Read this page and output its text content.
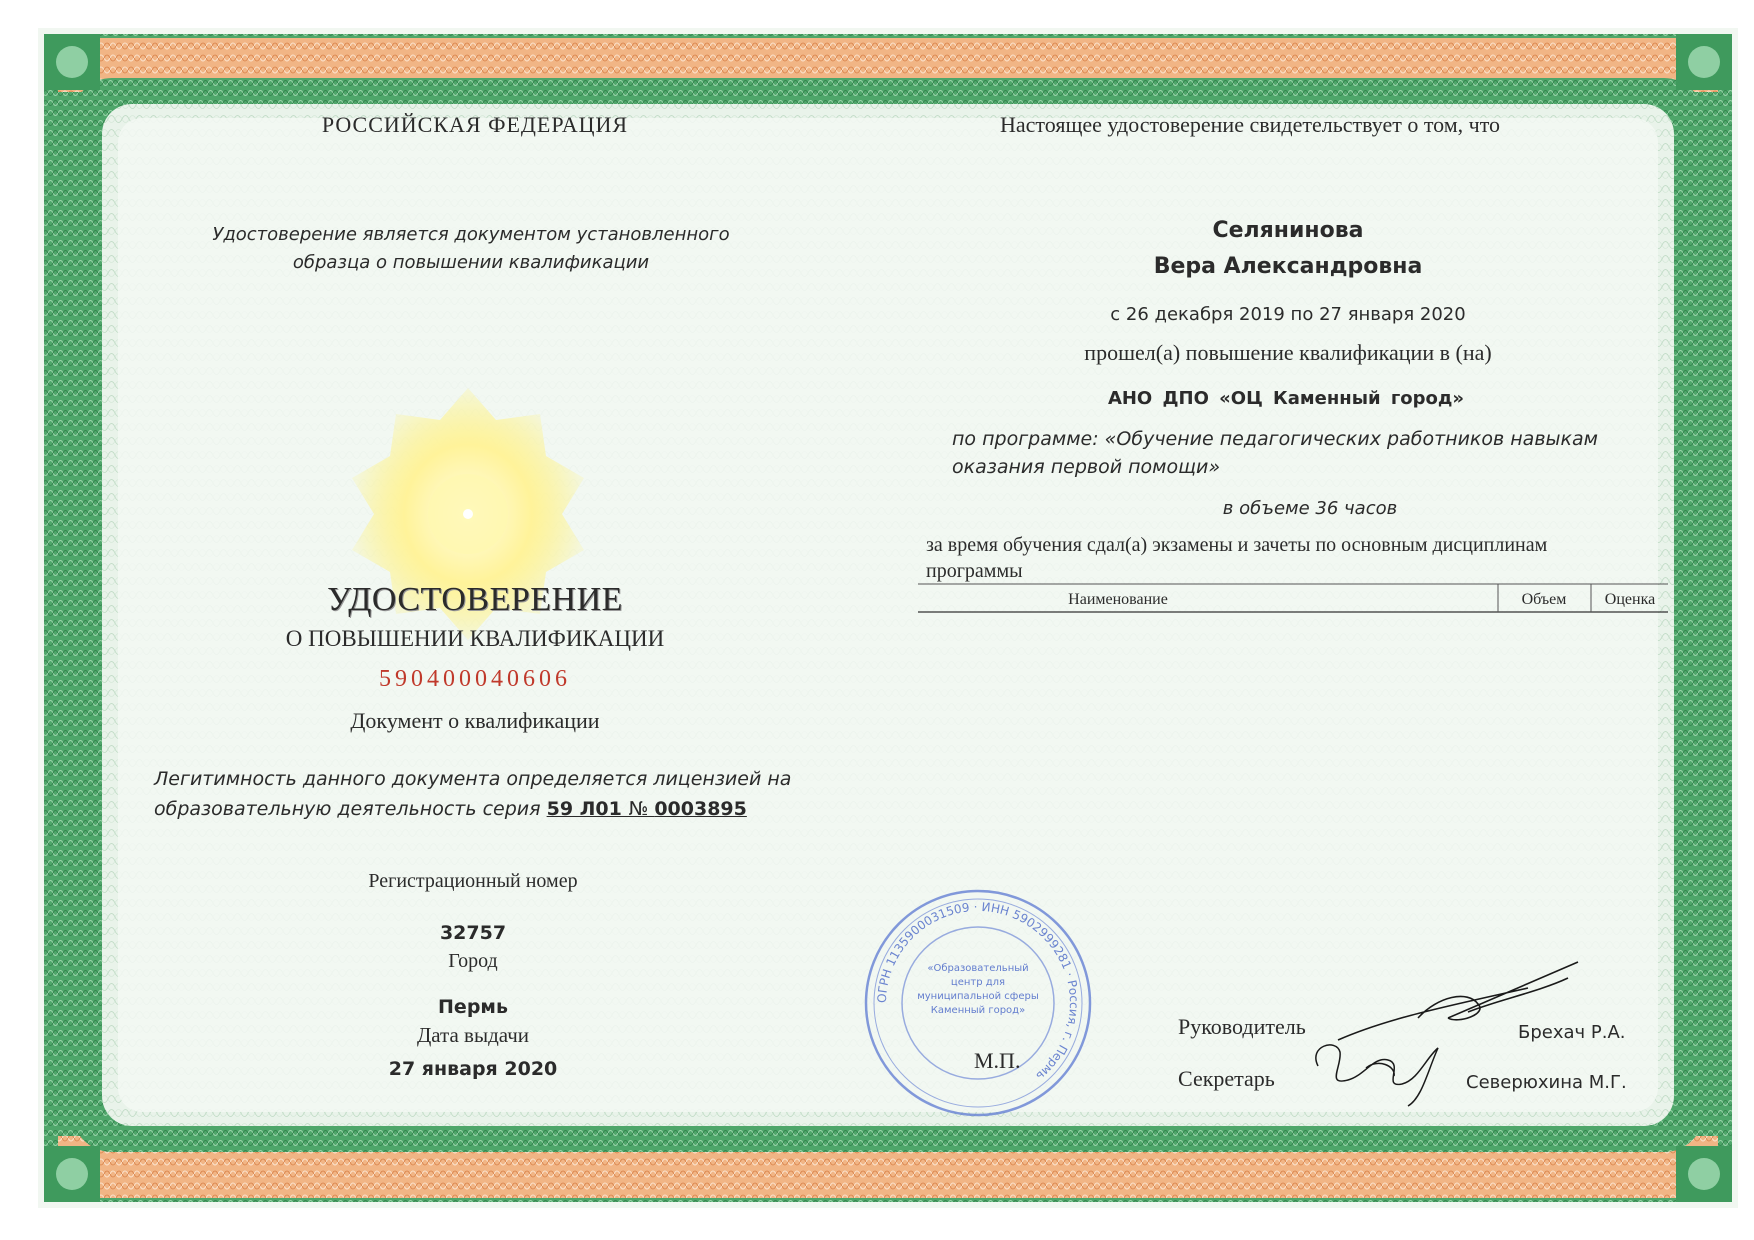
РОССИЙСКАЯ ФЕДЕРАЦИЯ
Удостоверение является документом установленного
образца о повышении квалификации
УДОСТОВЕРЕНИЕ
О ПОВЫШЕНИИ КВАЛИФИКАЦИИ
590400040606
Документ о квалификации
Легитимность данного документа определяется лицензией на
образовательную деятельность серия 59 Л01 № 0003895
Регистрационный номер
32757
Город
Пермь
Дата выдачи
27 января 2020
Настоящее удостоверение свидетельствует о том, что
Селянинова
Вера Александровна
с 26 декабря 2019 по 27 января 2020
прошел(а) повышение квалификации в (на)
АНО ДПО «ОЦ Каменный город»
по программе: «Обучение педагогических работников навыкам
оказания первой помощи»
в объеме 36 часов
за время обучения сдал(а) экзамены и зачеты по основным дисциплинам
программы
Наименование	Объем Оценка
ОГРН 1135900031509 · ИНН 5902999281 · Россия, г. Пермь
«Образовательный
центр для
муниципальной сферы
Каменный город»
М.П.
Руководитель	Брехач Р.А.
Секретарь	Северюхина М.Г.
